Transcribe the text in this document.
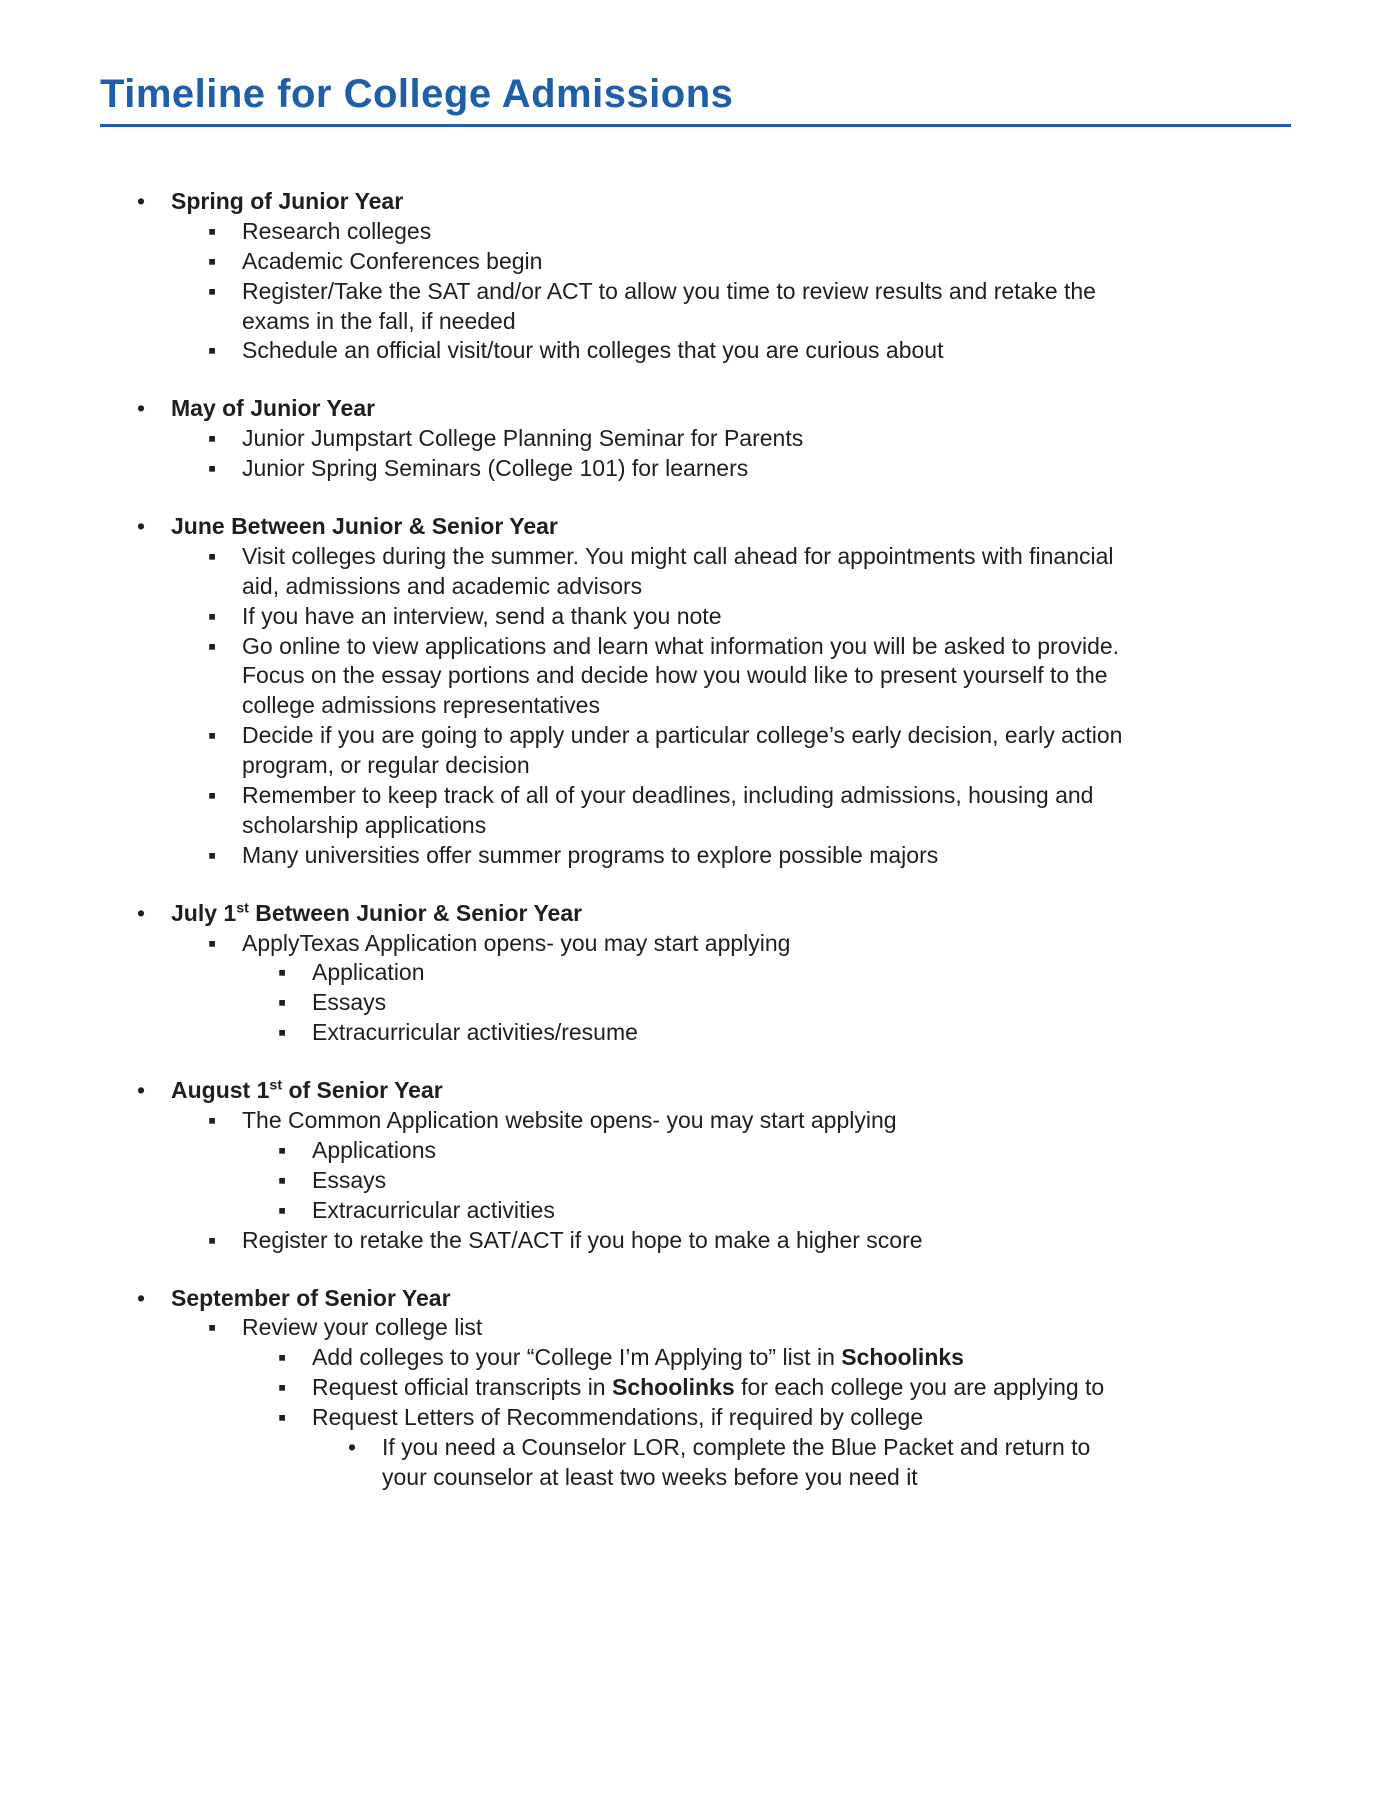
Timeline for College Admissions
•	Spring of Junior Year
▪	Research colleges
▪	Academic Conferences begin
▪	Register/Take the SAT and/or ACT to allow you time to review results and retake the exams in the fall, if needed
▪	Schedule an official visit/tour with colleges that you are curious about
•	May of Junior Year
▪	Junior Jumpstart College Planning Seminar for Parents
▪	Junior Spring Seminars (College 101) for learners
•	June Between Junior & Senior Year
▪	Visit colleges during the summer. You might call ahead for appointments with financial aid, admissions and academic advisors
▪	If you have an interview, send a thank you note
▪	Go online to view applications and learn what information you will be asked to provide. Focus on the essay portions and decide how you would like to present yourself to the college admissions representatives
▪	Decide if you are going to apply under a particular college’s early decision, early action program, or regular decision
▪	Remember to keep track of all of your deadlines, including admissions, housing and scholarship applications
▪	Many universities offer summer programs to explore possible majors
•	July 1st Between Junior & Senior Year
▪	ApplyTexas Application opens- you may start applying
▪	Application
▪	Essays
▪	Extracurricular activities/resume
•	August 1st of Senior Year
▪	The Common Application website opens- you may start applying
▪	Applications
▪	Essays
▪	Extracurricular activities
▪	Register to retake the SAT/ACT if you hope to make a higher score
•	September of Senior Year
▪	Review your college list
▪	Add colleges to your “College I’m Applying to” list in Schoolinks
▪	Request official transcripts in Schoolinks for each college you are applying to
▪	Request Letters of Recommendations, if required by college
•	If you need a Counselor LOR, complete the Blue Packet and return to your counselor at least two weeks before you need it
